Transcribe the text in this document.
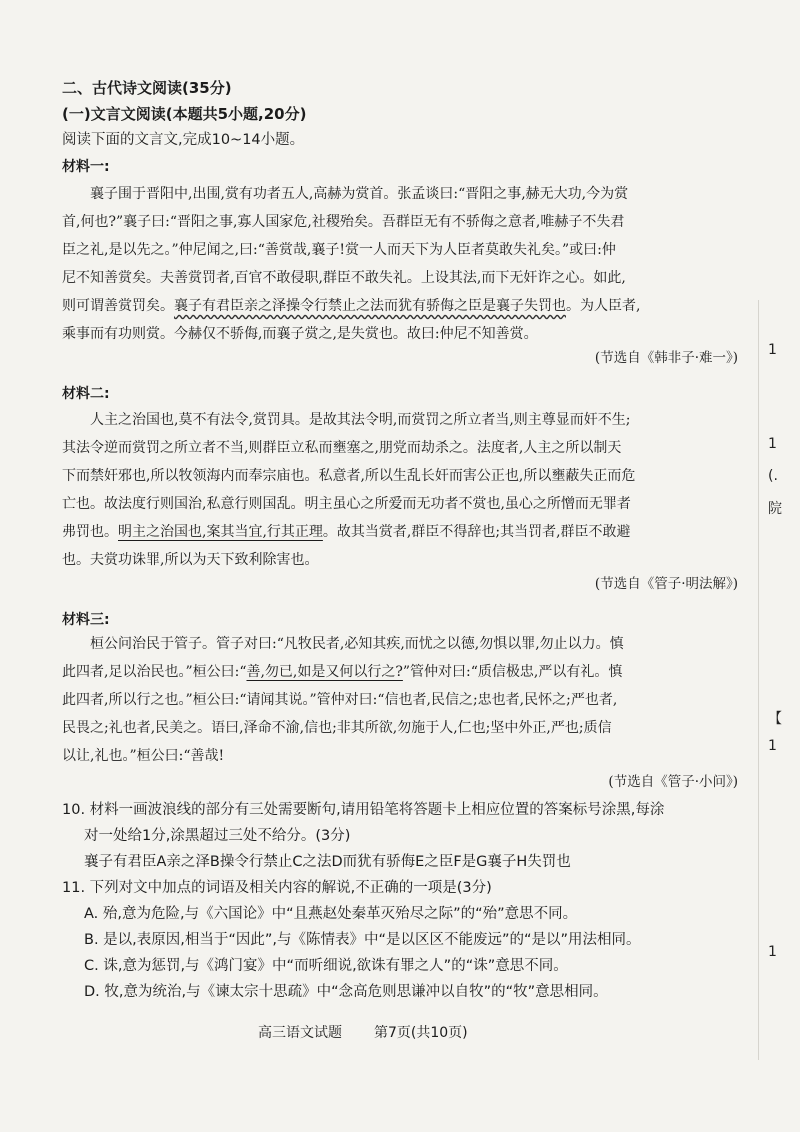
二、古代诗文阅读(35分)
(一)文言文阅读(本题共5小题,20分)
阅读下面的文言文,完成10~14小题。
材料一:
襄子围于晋阳中,出围,赏有功者五人,高赫为赏首。张孟谈曰:“晋阳之事,赫无大功,今为赏
首,何也?”襄子曰:“晋阳之事,寡人国家危,社稷殆矣。吾群臣无有不骄侮之意者,唯赫子不失君
臣之礼,是以先之。”仲尼闻之,曰:“善赏哉,襄子!赏一人而天下为人臣者莫敢失礼矣。”或曰:仲
尼不知善赏矣。夫善赏罚者,百官不敢侵职,群臣不敢失礼。上设其法,而下无奸诈之心。如此,
则可谓善赏罚矣。襄子有君臣亲之泽操令行禁止之法而犹有骄侮之臣是襄子失罚也。为人臣者,
乘事而有功则赏。今赫仅不骄侮,而襄子赏之,是失赏也。故曰:仲尼不知善赏。
(节选自《韩非子·难一》)
材料二:
人主之治国也,莫不有法令,赏罚具。是故其法令明,而赏罚之所立者当,则主尊显而奸不生;
其法令逆而赏罚之所立者不当,则群臣立私而壅塞之,朋党而劫杀之。法度者,人主之所以制天
下而禁奸邪也,所以牧领海内而奉宗庙也。私意者,所以生乱长奸而害公正也,所以壅蔽失正而危
亡也。故法度行则国治,私意行则国乱。明主虽心之所爱而无功者不赏也,虽心之所憎而无罪者
弗罚也。明主之治国也,案其当宜,行其正理。故其当赏者,群臣不得辞也;其当罚者,群臣不敢避
也。夫赏功诛罪,所以为天下致利除害也。
(节选自《管子·明法解》)
材料三:
桓公问治民于管子。管子对曰:“凡牧民者,必知其疾,而忧之以德,勿惧以罪,勿止以力。慎
此四者,足以治民也。”桓公曰:“善,勿已,如是又何以行之?”管仲对曰:“质信极忠,严以有礼。慎
此四者,所以行之也。”桓公曰:“请闻其说。”管仲对曰:“信也者,民信之;忠也者,民怀之;严也者,
民畏之;礼也者,民美之。语曰,泽命不渝,信也;非其所欲,勿施于人,仁也;坚中外正,严也;质信
以让,礼也。”桓公曰:“善哉!
(节选自《管子·小问》)
10. 材料一画波浪线的部分有三处需要断句,请用铅笔将答题卡上相应位置的答案标号涂黑,每涂
对一处给1分,涂黑超过三处不给分。(3分)
襄子有君臣A亲之泽B操令行禁止C之法D而犹有骄侮E之臣F是G襄子H失罚也
11. 下列对文中加点的词语及相关内容的解说,不正确的一项是(3分)
A. 殆,意为危险,与《六国论》中“且燕赵处秦革灭殆尽之际”的“殆”意思不同。
B. 是以,表原因,相当于“因此”,与《陈情表》中“是以区区不能废远”的“是以”用法相同。
C. 诛,意为惩罚,与《鸿门宴》中“而听细说,欲诛有罪之人”的“诛”意思不同。
D. 牧,意为统治,与《谏太宗十思疏》中“念高危则思谦冲以自牧”的“牧”意思相同。
高三语文试题 第7页(共10页)
1
1
(.
院
【
1
1
